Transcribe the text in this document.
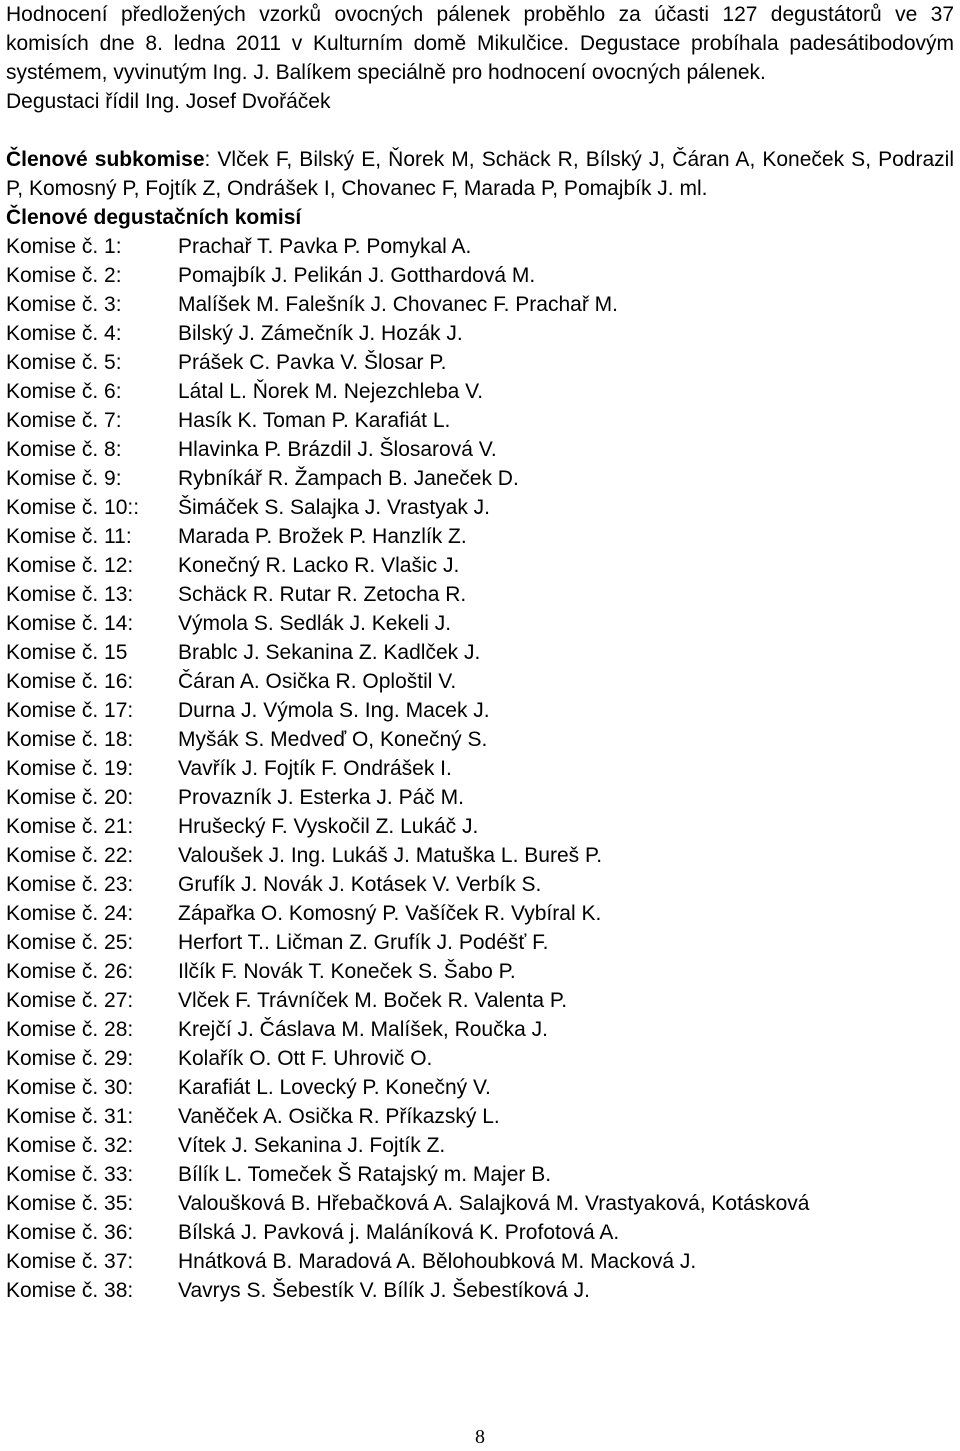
Hodnocení předložených vzorků ovocných pálenek proběhlo za účasti 127 degustátorů ve 37 komisích dne 8. ledna 2011 v Kulturním domě Mikulčice. Degustace probíhala padesátibodovým systémem, vyvinutým Ing. J. Balíkem speciálně pro hodnocení ovocných pálenek.

Degustaci řídil Ing. Josef Dvořáček

Členové subkomise: Vlček F, Bilský E, Ňorek M, Schäck R, Bílský J, Čáran A, Koneček S, Podrazil P, Komosný P, Fojtík Z, Ondrášek I, Chovanec F, Marada P, Pomajbík J. ml.

Členové degustačních komisí
Komise č. 1:	Prachař T. Pavka P. Pomykal A.
Komise č. 2:	Pomajbík J. Pelikán J. Gotthardová M.
Komise č. 3:	Malíšek M. Falešník J. Chovanec F. Prachař M.
Komise č. 4:	Bilský J. Zámečník J. Hozák J.
Komise č. 5:	Prášek C. Pavka V. Šlosar P.
Komise č. 6:	Látal L. Ňorek M. Nejezchleba V.
Komise č. 7:	Hasík K. Toman P. Karafiát L.
Komise č. 8:	Hlavinka P. Brázdil J. Šlosarová V.
Komise č. 9:	Rybníkář R. Žampach B. Janeček D.
Komise č. 10::	Šimáček S. Salajka J. Vrastyak J.
Komise č. 11:	Marada P. Brožek P. Hanzlík Z.
Komise č. 12:	Konečný R. Lacko R. Vlašic J.
Komise č. 13:	Schäck R. Rutar R. Zetocha R.
Komise č. 14:	Výmola S. Sedlák J. Kekeli J.
Komise č. 15	Brablc J. Sekanina Z. Kadlček J.
Komise č. 16:	Čáran A. Osička R. Oploštil V.
Komise č. 17:	Durna J. Výmola S. Ing. Macek J.
Komise č. 18:	Myšák S. Medveď O, Konečný S.
Komise č. 19:	Vavřík J. Fojtík F. Ondrášek I.
Komise č. 20:	Provazník J. Esterka J. Páč M.
Komise č. 21:	Hrušecký F. Vyskočil Z. Lukáč J.
Komise č. 22:	Valoušek J. Ing. Lukáš J. Matuška L. Bureš P.
Komise č. 23:	Grufík J. Novák J. Kotásek V. Verbík S.
Komise č. 24:	Zápařka O. Komosný P. Vašíček R. Vybíral K.
Komise č. 25:	Herfort T.. Ličman Z. Grufík J. Podéšť F.
Komise č. 26:	Ilčík F. Novák T. Koneček S. Šabo P.
Komise č. 27:	Vlček F. Trávníček M. Boček R. Valenta P.
Komise č. 28:	Krejčí J. Čáslava M. Malíšek, Roučka J.
Komise č. 29:	Kolařík O. Ott F. Uhrovič O.
Komise č. 30:	Karafiát L. Lovecký P. Konečný V.
Komise č. 31:	Vaněček A. Osička R. Příkazský L.
Komise č. 32:	Vítek J. Sekanina J. Fojtík Z.
Komise č. 33:	Bílík L. Tomeček Š Ratajský m. Majer B.
Komise č. 35:	Valoušková B. Hřebačková A. Salajková M. Vrastyaková, Kotásková
Komise č. 36:	Bílská J. Pavková j. Maláníková K. Profotová A.
Komise č. 37:	Hnátková B. Maradová A. Bělohoubková M. Macková J.
Komise č. 38:	Vavrys S. Šebestík V. Bílík J. Šebestíková J.
8
